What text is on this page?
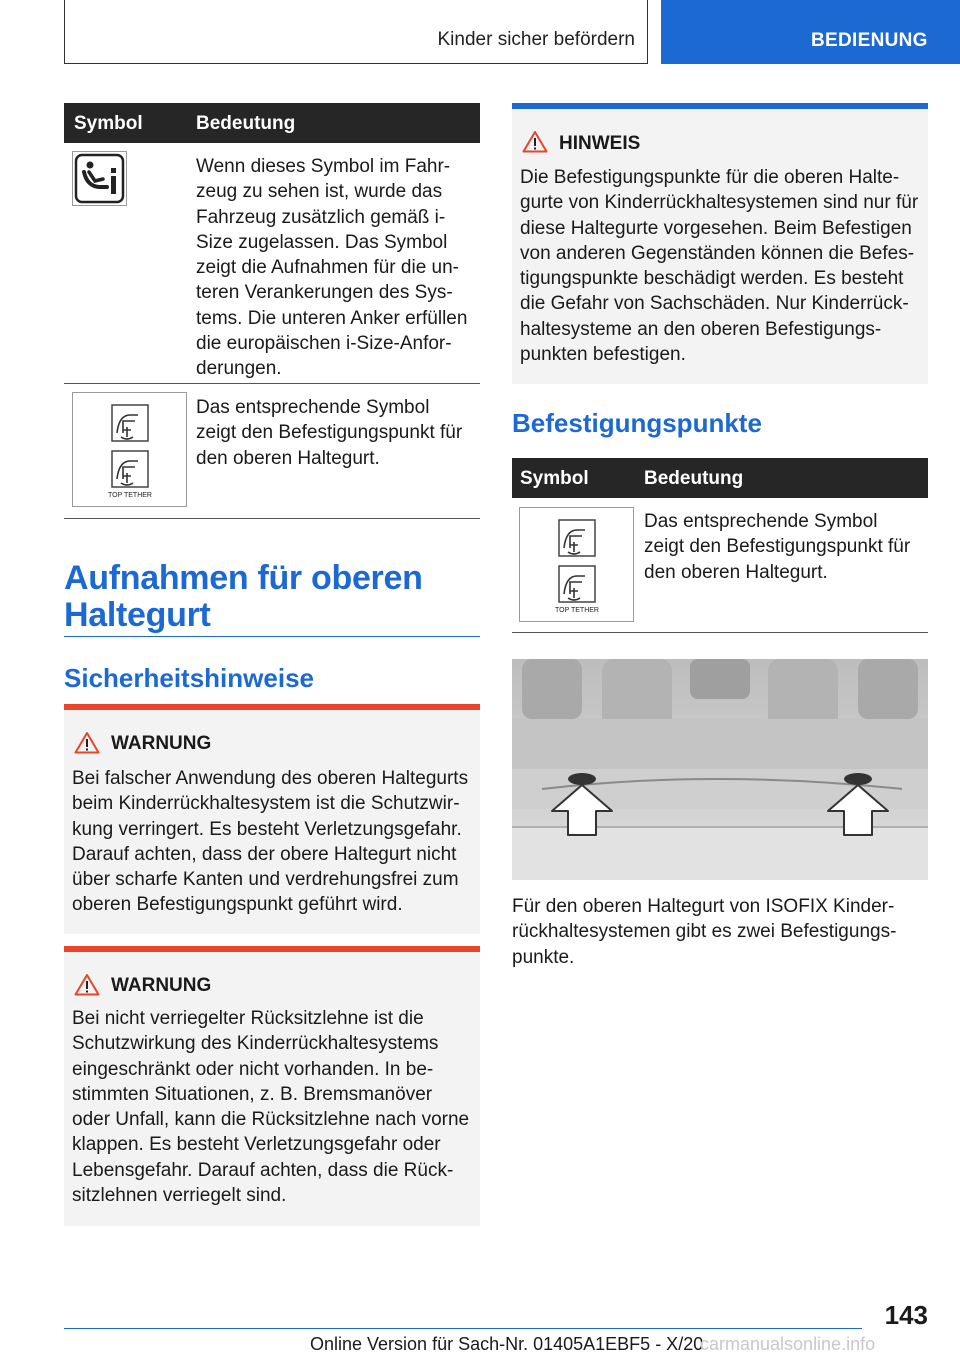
Kinder sicher befördern	BEDIENUNG
Symbol	Bedeutung
Wenn dieses Symbol im Fahr-
zeug zu sehen ist, wurde das
Fahrzeug zusätzlich gemäß i-
Size zugelassen. Das Symbol
zeigt die Aufnahmen für die un-
teren Verankerungen des Sys-
tems. Die unteren Anker erfüllen
die europäischen i-Size-Anfor-
derungen.
TOP TETHER
Das entsprechende Symbol
zeigt den Befestigungspunkt für
den oberen Haltegurt.
Aufnahmen für oberen
Haltegurt
Sicherheitshinweise
WARNUNG
Bei falscher Anwendung des oberen Haltegurts
beim Kinderrückhaltesystem ist die Schutzwir-
kung verringert. Es besteht Verletzungsgefahr.
Darauf achten, dass der obere Haltegurt nicht
über scharfe Kanten und verdrehungsfrei zum
oberen Befestigungspunkt geführt wird.
WARNUNG
Bei nicht verriegelter Rücksitzlehne ist die
Schutzwirkung des Kinderrückhaltesystems
eingeschränkt oder nicht vorhanden. In be-
stimmten Situationen, z. B. Bremsmanöver
oder Unfall, kann die Rücksitzlehne nach vorne
klappen. Es besteht Verletzungsgefahr oder
Lebensgefahr. Darauf achten, dass die Rück-
sitzlehnen verriegelt sind.
HINWEIS
Die Befestigungspunkte für die oberen Halte-
gurte von Kinderrückhaltesystemen sind nur für
diese Haltegurte vorgesehen. Beim Befestigen
von anderen Gegenständen können die Befes-
tigungspunkte beschädigt werden. Es besteht
die Gefahr von Sachschäden. Nur Kinderrück-
haltesysteme an den oberen Befestigungs-
punkten befestigen.
Befestigungspunkte
Symbol	Bedeutung
TOP TETHER
Das entsprechende Symbol
zeigt den Befestigungspunkt für
den oberen Haltegurt.
Für den oberen Haltegurt von ISOFIX Kinder-
rückhaltesystemen gibt es zwei Befestigungs-
punkte.
143
Online Version für Sach-Nr. 01405A1EBF5 - X/20
carmanualsonline.info
